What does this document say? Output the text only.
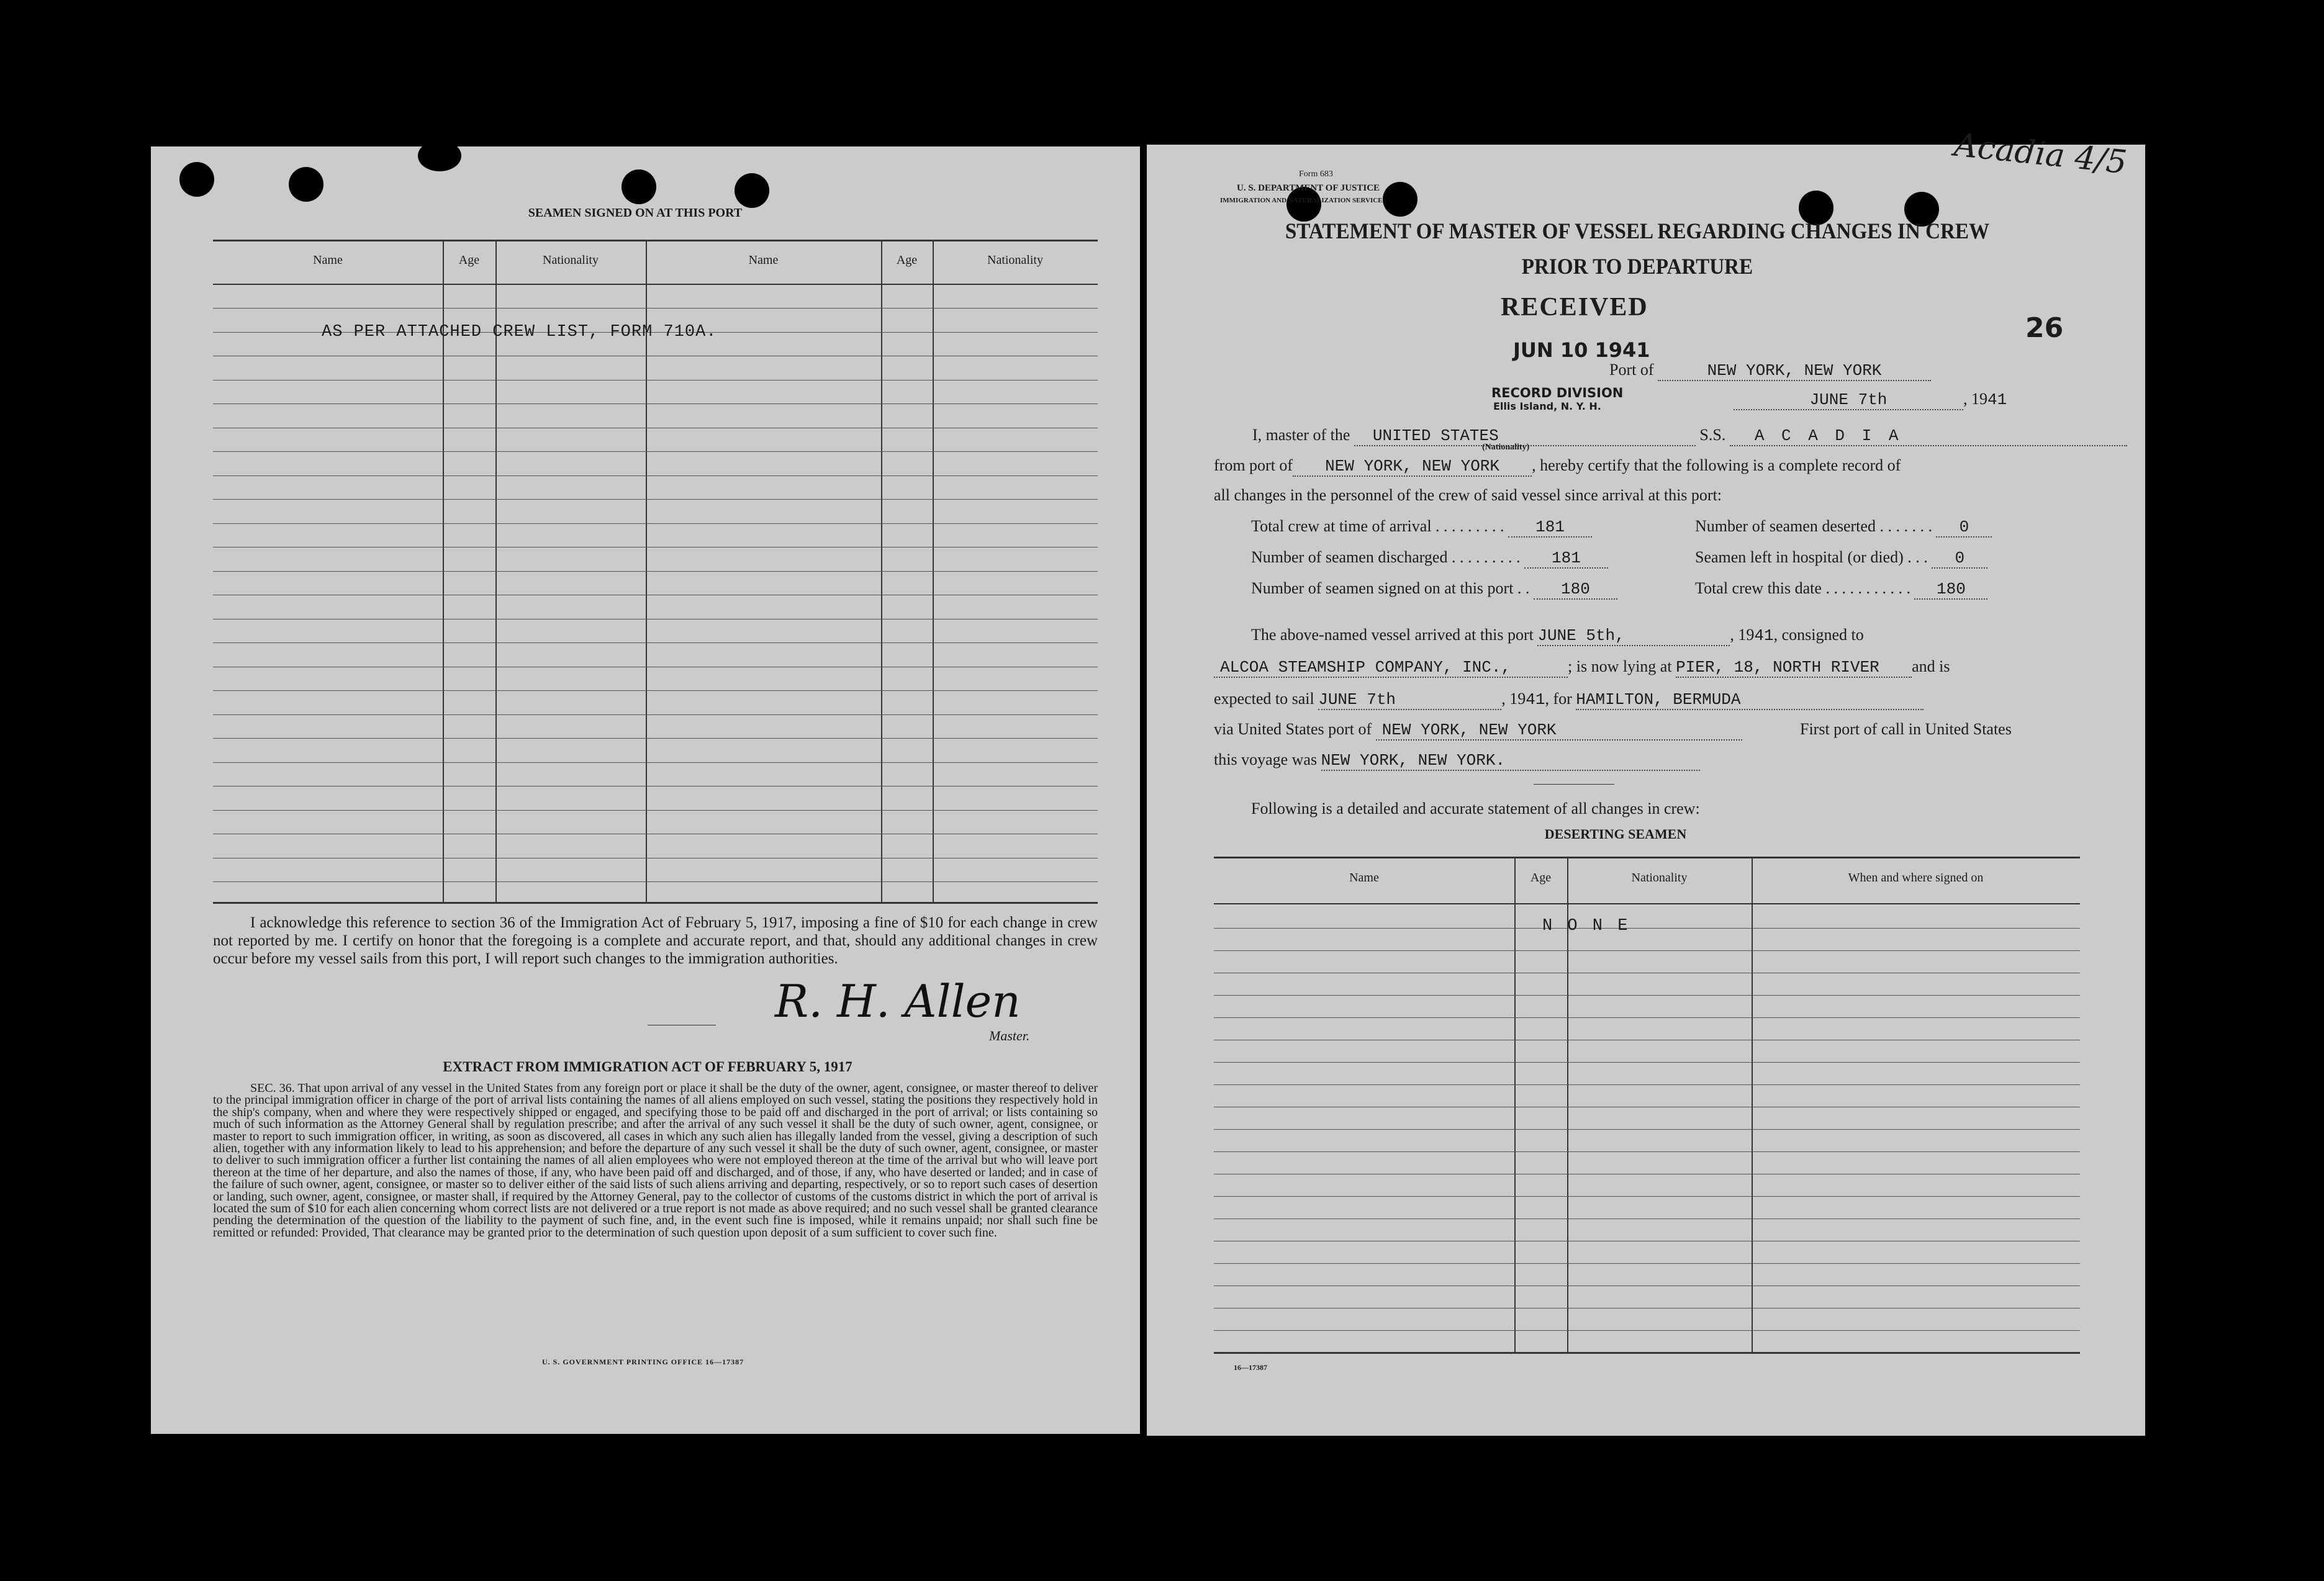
SEAMEN SIGNED ON AT THIS PORT
Name	Age	Nationality	Name	Age	Nationality
AS PER ATTACHED CREW LIST, FORM 710A.
I acknowledge this reference to section 36 of the Immigration Act of February 5, 1917, imposing a fine of $10 for each change in crew not reported by me. I certify on honor that the foregoing is a complete and accurate report, and that, should any additional changes in crew occur before my vessel sails from this port, I will report such changes to the immigration authorities.
R. H. Allen
Master.
EXTRACT FROM IMMIGRATION ACT OF FEBRUARY 5, 1917
SEC. 36. That upon arrival of any vessel in the United States from any foreign port or place it shall be the duty of the owner, agent, consignee, or master thereof to deliver to the principal immigration officer in charge of the port of arrival lists containing the names of all aliens employed on such vessel, stating the positions they respectively hold in the ship's company, when and where they were respectively shipped or engaged, and specifying those to be paid off and discharged in the port of arrival; or lists containing so much of such information as the Attorney General shall by regulation prescribe; and after the arrival of any such vessel it shall be the duty of such owner, agent, consignee, or master to report to such immigration officer, in writing, as soon as discovered, all cases in which any such alien has illegally landed from the vessel, giving a description of such alien, together with any information likely to lead to his apprehension; and before the departure of any such vessel it shall be the duty of such owner, agent, consignee, or master to deliver to such immigration officer a further list containing the names of all alien employees who were not employed thereon at the time of the arrival but who will leave port thereon at the time of her departure, and also the names of those, if any, who have been paid off and discharged, and of those, if any, who have deserted or landed; and in case of the failure of such owner, agent, consignee, or master so to deliver either of the said lists of such aliens arriving and departing, respectively, or so to report such cases of desertion or landing, such owner, agent, consignee, or master shall, if required by the Attorney General, pay to the collector of customs of the customs district in which the port of arrival is located the sum of $10 for each alien concerning whom correct lists are not delivered or a true report is not made as above required; and no such vessel shall be granted clearance pending the determination of the question of the liability to the payment of such fine, and, in the event such fine is imposed, while it remains unpaid; nor shall such fine be remitted or refunded: Provided, That clearance may be granted prior to the determination of such question upon deposit of a sum sufficient to cover such fine.
U. S. GOVERNMENT PRINTING OFFICE 16—17387
Form 683
U. S. DEPARTMENT OF JUSTICE
IMMIGRATION AND NATURALIZATION SERVICE
Acadia 4/5
STATEMENT OF MASTER OF VESSEL REGARDING CHANGES IN CREW
PRIOR TO DEPARTURE
RECEIVED
JUN 10 1941
RECORD DIVISION
Ellis Island, N. Y. H.
26
Port of	NEW YORK, NEW YORK
JUNE 7th	, 1941
I, master of the UNITED STATES	S.S. A C A D I A
(Nationality)
from port of NEW YORK, NEW YORK , hereby certify that the following is a complete record of
all changes in the personnel of the crew of said vessel since arrival at this port:
Total crew at time of arrival . . . . . . . . . 181	Number of seamen deserted . . . . . . . 0
Number of seamen discharged . . . . . . . . . 181	Seamen left in hospital (or died) . . . 0
Number of seamen signed on at this port . . 180	Total crew this date . . . . . . . . . . . 180
The above-named vessel arrived at this port JUNE 5th,	, 1941, consigned to
ALCOA STEAMSHIP COMPANY, INC.,	; is now lying at PIER, 18, NORTH RIVER and is
expected to sail JUNE 7th	, 1941, for HAMILTON, BERMUDA
via United States port of NEW YORK, NEW YORK	First port of call in United States
this voyage was NEW YORK, NEW YORK.
Following is a detailed and accurate statement of all changes in crew:
DESERTING SEAMEN
Name	Age	Nationality	When and where signed on
N O N E
16—17387
